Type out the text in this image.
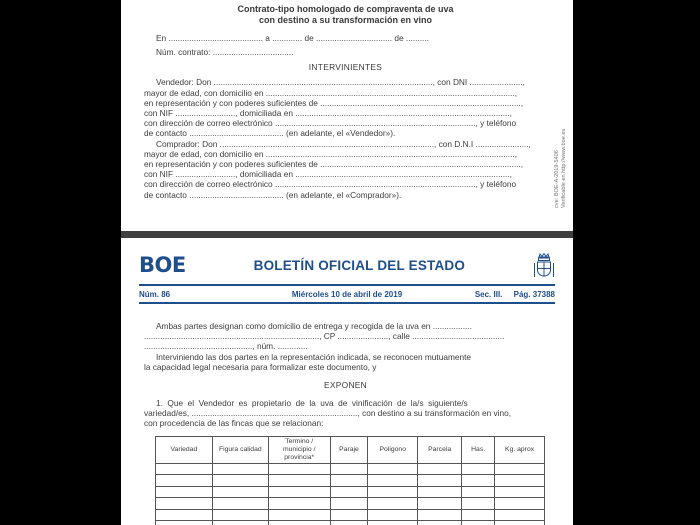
Contrato-tipo homologado de compraventa de uva
con destino a su transformación en vino
En ......................................... a ............. de ................................. de ..........
Núm. contrato: ...................................
INTERVINIENTES
Vendedor: Don ..............................................................................................., con DNI .......................,
mayor de edad, con domicilio en ............................................................................................................,
en representación y con poderes suficientes de .......................................................................................,
con NIF .........................., domiciliada en .............................................................................................,
con dirección de correo electrónico ......................................................................................., y teléfono
de contacto ......................................... (en adelante, el «Vendedor»).
Comprador: Don ............................................................................................., con D.N.I .......................,
mayor de edad, con domicilio en ............................................................................................................,
en representación y con poderes suficientes de .......................................................................................,
con NIF .........................., domiciliada en .............................................................................................,
con dirección de correo electrónico ......................................................................................., y teléfono
de contacto ......................................... (en adelante, el «Comprador»).	cve: BOE-A-2019-5406 Verificable en http://www.boe.es
BOE	BOLETÍN OFICIAL DEL ESTADO
Núm. 86	Miércoles 10 de abril de 2019	Sec. III. Pág. 37388
Ambas partes designan como domicilio de entrega y recogida de la uva en .................
............................................................................, CP ......................, calle ........................................
..............................................., núm. .............
Interviniendo las dos partes en la representación indicada, se reconocen mutuamente
la capacidad legal necesaria para formalizar este documento, y
EXPONEN
1. Que el Vendedor es propietario de la uva de vinificación de la/s siguiente/s
variedad/es, ........................................................................, con destino a su transformación en vino,
con procedencia de las fincas que se relacionan:
Variedad	Figura calidad	Termino / municipio / provincia*	Paraje	Poligono	Parcela	Has.	Kg. aprox
